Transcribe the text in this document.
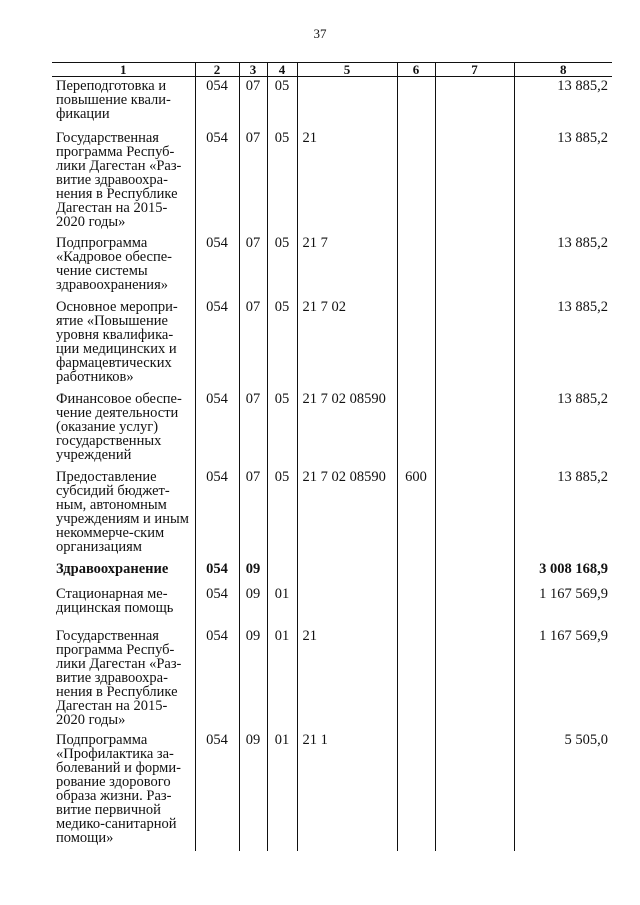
37
1	2	3	4	5	6	7	8
Переподготовка и повышение квали-фикации	054	07	05				13 885,2
Государственная программа Респуб-лики Дагестан «Раз-витие здравоохра-нения в Республике Дагестан на 2015-2020 годы»	054	07	05	21			13 885,2
Подпрограмма «Кадровое обеспе-чение системы здравоохранения»	054	07	05	21 7			13 885,2
Основное меропри-ятие «Повышение уровня квалифика-ции медицинских и фармацевтических работников»	054	07	05	21 7 02			13 885,2
Финансовое обеспе-чение деятельности (оказание услуг) государственных учреждений	054	07	05	21 7 02 08590			13 885,2
Предоставление субсидий бюджет-ным, автономным учреждениям и иным некоммерче-ским организациям	054	07	05	21 7 02 08590	600		13 885,2
Здравоохранение	054	09					3 008 168,9
Стационарная ме-дицинская помощь	054	09	01				1 167 569,9
Государственная программа Респуб-лики Дагестан «Раз-витие здравоохра-нения в Республике Дагестан на 2015-2020 годы»	054	09	01	21			1 167 569,9
Подпрограмма «Профилактика за-болеваний и форми-рование здорового образа жизни. Раз-витие первичной медико-санитарной помощи»	054	09	01	21 1			5 505,0
